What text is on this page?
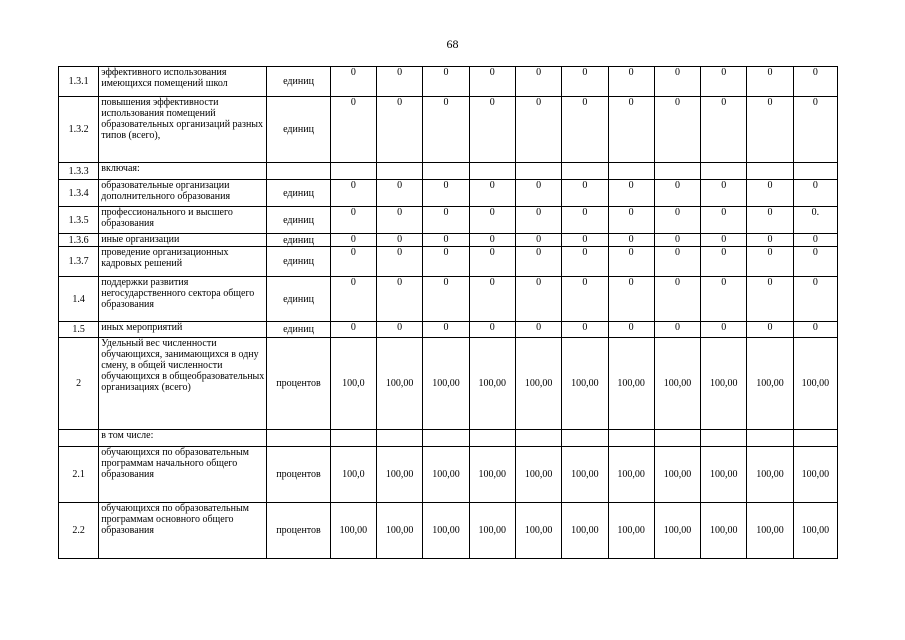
68
1.3.1	эффективного использования имеющихся помещений школ	единиц	0	0	0	0	0	0	0	0	0	0	0
1.3.2	повышения эффективности использования помещений образовательных организаций разных типов (всего),	единиц	0	0	0	0	0	0	0	0	0	0	0
1.3.3	включая:												
1.3.4	образовательные организации дополнительного образования	единиц	0	0	0	0	0	0	0	0	0	0	0
1.3.5	профессионального и высшего образования	единиц	0	0	0	0	0	0	0	0	0	0	0.
1.3.6	иные организации	единиц	0	0	0	0	0	0	0	0	0	0	0
1.3.7	проведение организационных кадровых решений	единиц	0	0	0	0	0	0	0	0	0	0	0
1.4	поддержки развития негосударственного сектора общего образования	единиц	0	0	0	0	0	0	0	0	0	0	0
1.5	иных мероприятий	единиц	0	0	0	0	0	0	0	0	0	0	0
2	Удельный вес численности обучающихся, занимающихся в одну смену, в общей численности обучающихся в общеобразовательных организациях (всего)	процентов	100,0	100,00	100,00	100,00	100,00	100,00	100,00	100,00	100,00	100,00	100,00
	в том числе:												
2.1	обучающихся по образовательным программам начального общего образования	процентов	100,0	100,00	100,00	100,00	100,00	100,00	100,00	100,00	100,00	100,00	100,00
2.2	обучающихся по образовательным программам основного общего образования	процентов	100,00	100,00	100,00	100,00	100,00	100,00	100,00	100,00	100,00	100,00	100,00
